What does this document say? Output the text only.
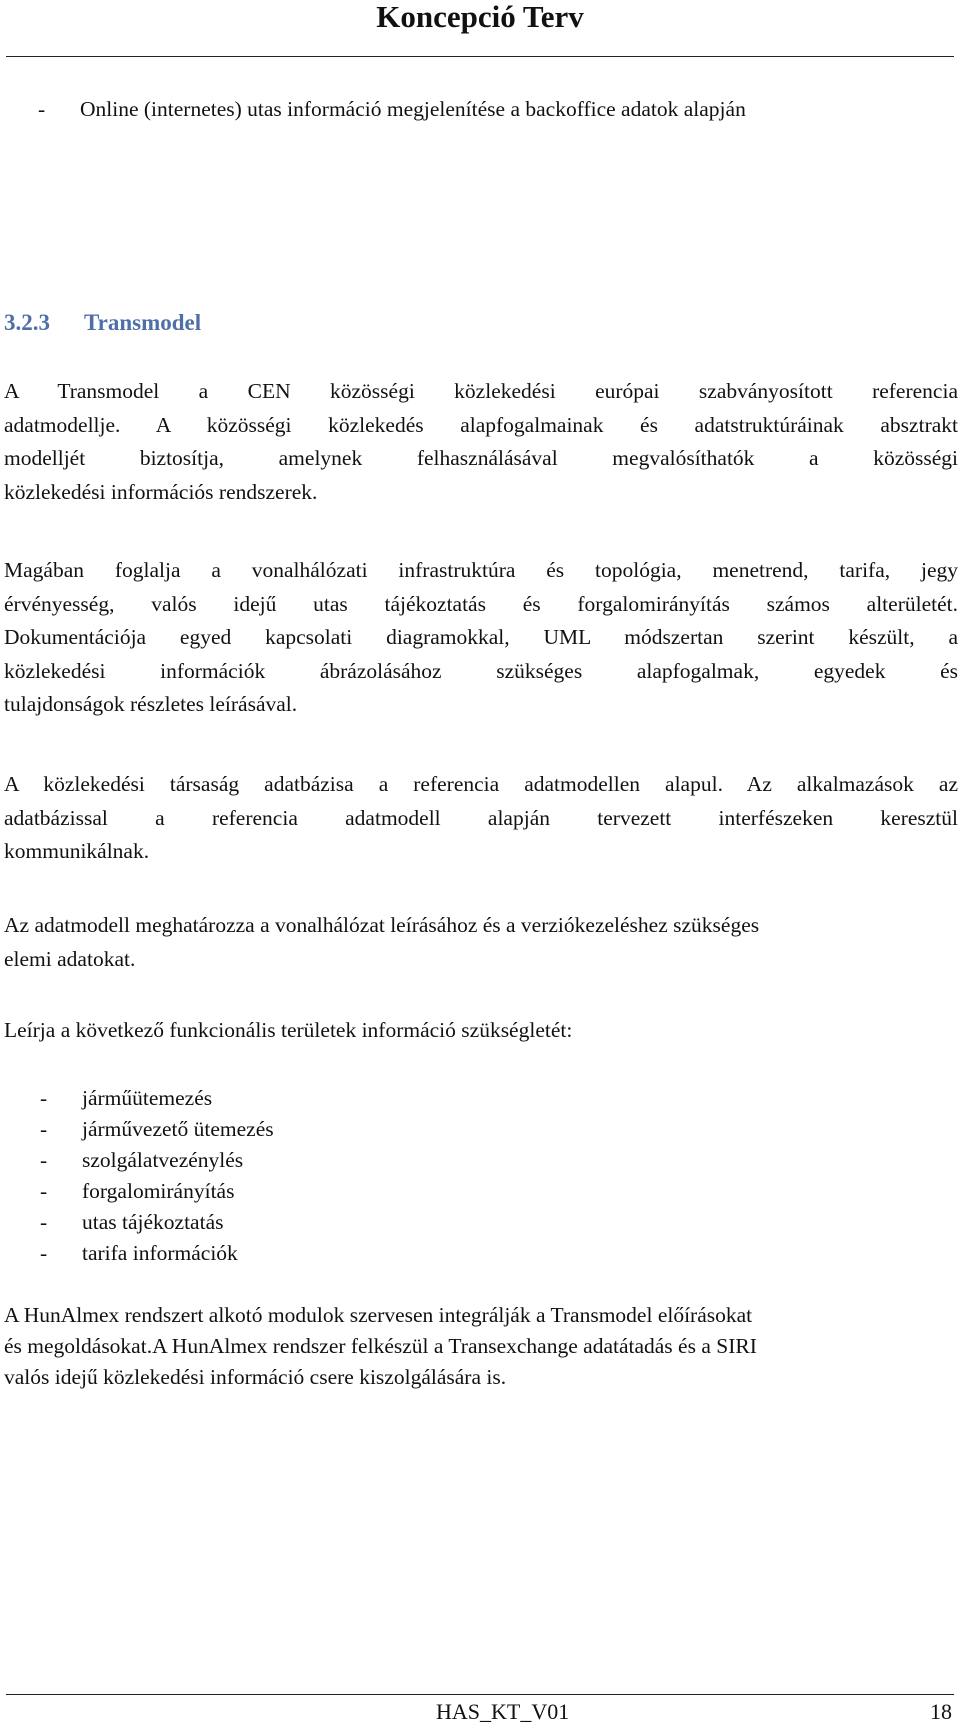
Koncepció Terv
- Online (internetes) utas információ megjelenítése a backoffice adatok alapján
3.2.3 Transmodel
A Transmodel a CEN közösségi közlekedési európai szabványosított referencia
adatmodellje. A közösségi közlekedés alapfogalmainak és adatstruktúráinak absztrakt
modelljét biztosítja, amelynek felhasználásával megvalósíthatók a közösségi
közlekedési információs rendszerek.
Magában foglalja a vonalhálózati infrastruktúra és topológia, menetrend, tarifa, jegy
érvényesség, valós idejű utas tájékoztatás és forgalomirányítás számos alterületét.
Dokumentációja egyed kapcsolati diagramokkal, UML módszertan szerint készült, a
közlekedési információk ábrázolásához szükséges alapfogalmak, egyedek és
tulajdonságok részletes leírásával.
A közlekedési társaság adatbázisa a referencia adatmodellen alapul. Az alkalmazások az
adatbázissal a referencia adatmodell alapján tervezett interfészeken keresztül
kommunikálnak.
Az adatmodell meghatározza a vonalhálózat leírásához és a verziókezeléshez szükséges
elemi adatokat.
Leírja a következő funkcionális területek információ szükségletét:
- járműütemezés
- járművezető ütemezés
- szolgálatvezénylés
- forgalomirányítás
- utas tájékoztatás
- tarifa információk
A HunAlmex rendszert alkotó modulok szervesen integrálják a Transmodel előírásokat
és megoldásokat.A HunAlmex rendszer felkészül a Transexchange adatátadás és a SIRI
valós idejű közlekedési információ csere kiszolgálására is.
HAS_KT_V01	18
